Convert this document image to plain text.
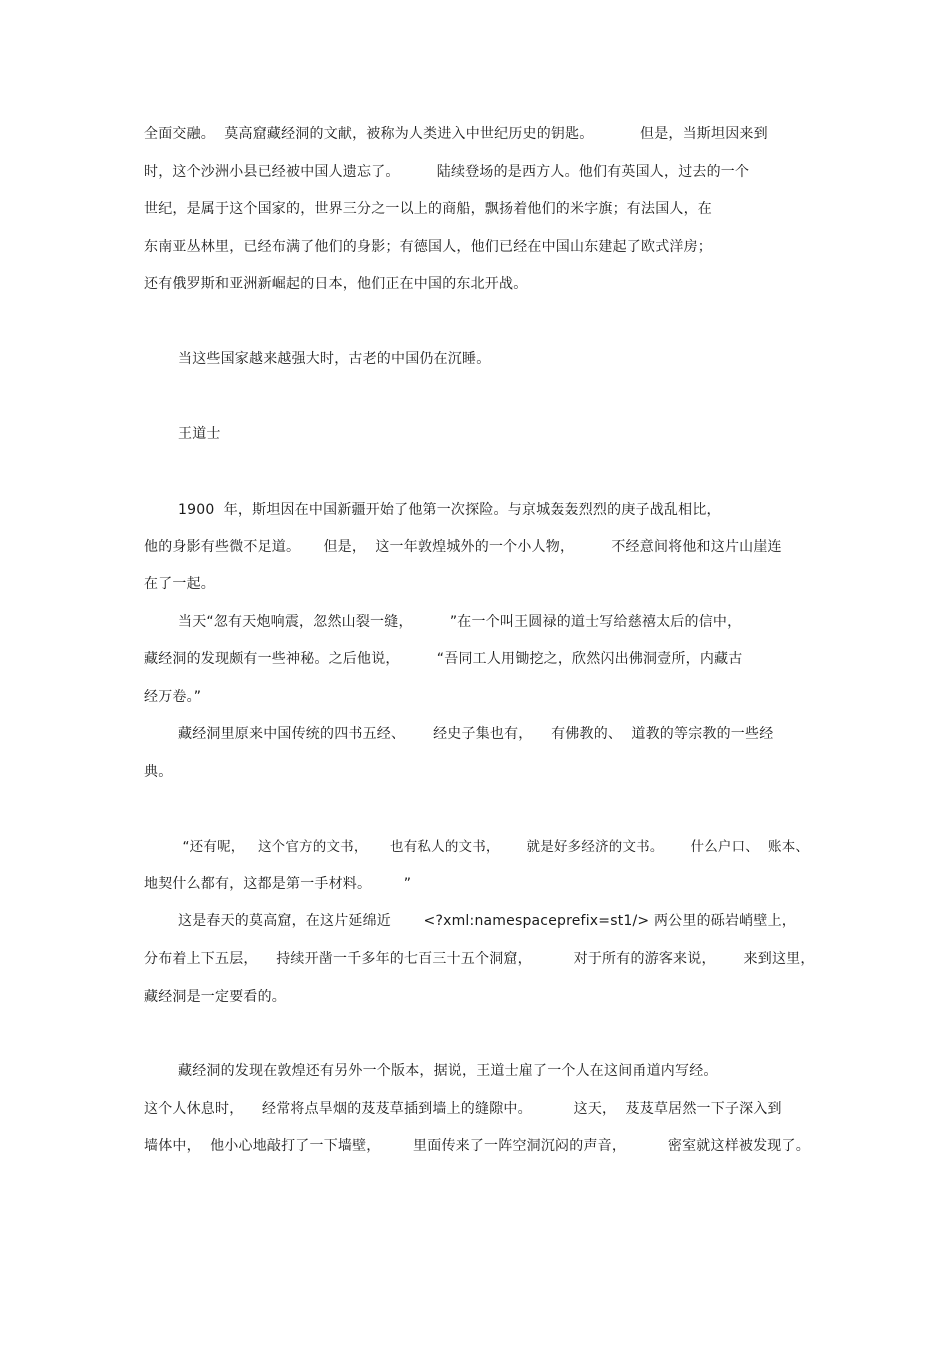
全面交融。  莫高窟藏经洞的文献，被称为人类进入中世纪历史的钥匙。          但是，当斯坦因来到
时，这个沙洲小县已经被中国人遗忘了。        陆续登场的是西方人。他们有英国人，过去的一个
世纪，是属于这个国家的，世界三分之一以上的商船，飘扬着他们的米字旗；有法国人，在
东南亚丛林里，已经布满了他们的身影；有德国人，他们已经在中国山东建起了欧式洋房；
还有俄罗斯和亚洲新崛起的日本，他们正在中国的东北开战。
当这些国家越来越强大时，古老的中国仍在沉睡。
王道士
1900  年，斯坦因在中国新疆开始了他第一次探险。与京城轰轰烈烈的庚子战乱相比，
他的身影有些微不足道。     但是，  这一年敦煌城外的一个小人物，        不经意间将他和这片山崖连
在了一起。
当天“忽有天炮响震，忽然山裂一缝，        ”在一个叫王圆禄的道士写给慈禧太后的信中，
藏经洞的发现颇有一些神秘。之后他说，        “吾同工人用锄挖之，欣然闪出佛洞壹所，内藏古
经万卷。”
藏经洞里原来中国传统的四书五经、      经史子集也有，    有佛教的、  道教的等宗教的一些经
典。
“还有呢，   这个官方的文书，     也有私人的文书，      就是好多经济的文书。      什么户口、  账本、
地契什么都有，这都是第一手材料。       ”
这是春天的莫高窟，在这片延绵近       <?xml:namespaceprefix=st1/> 两公里的砾岩峭壁上，
分布着上下五层，    持续开凿一千多年的七百三十五个洞窟，         对于所有的游客来说，      来到这里，
藏经洞是一定要看的。
藏经洞的发现在敦煌还有另外一个版本，据说，王道士雇了一个人在这间甬道内写经。
这个人休息时，    经常将点旱烟的芨芨草插到墙上的缝隙中。         这天，  芨芨草居然一下子深入到
墙体中，  他小心地敲打了一下墙壁，       里面传来了一阵空洞沉闷的声音，         密室就这样被发现了。
